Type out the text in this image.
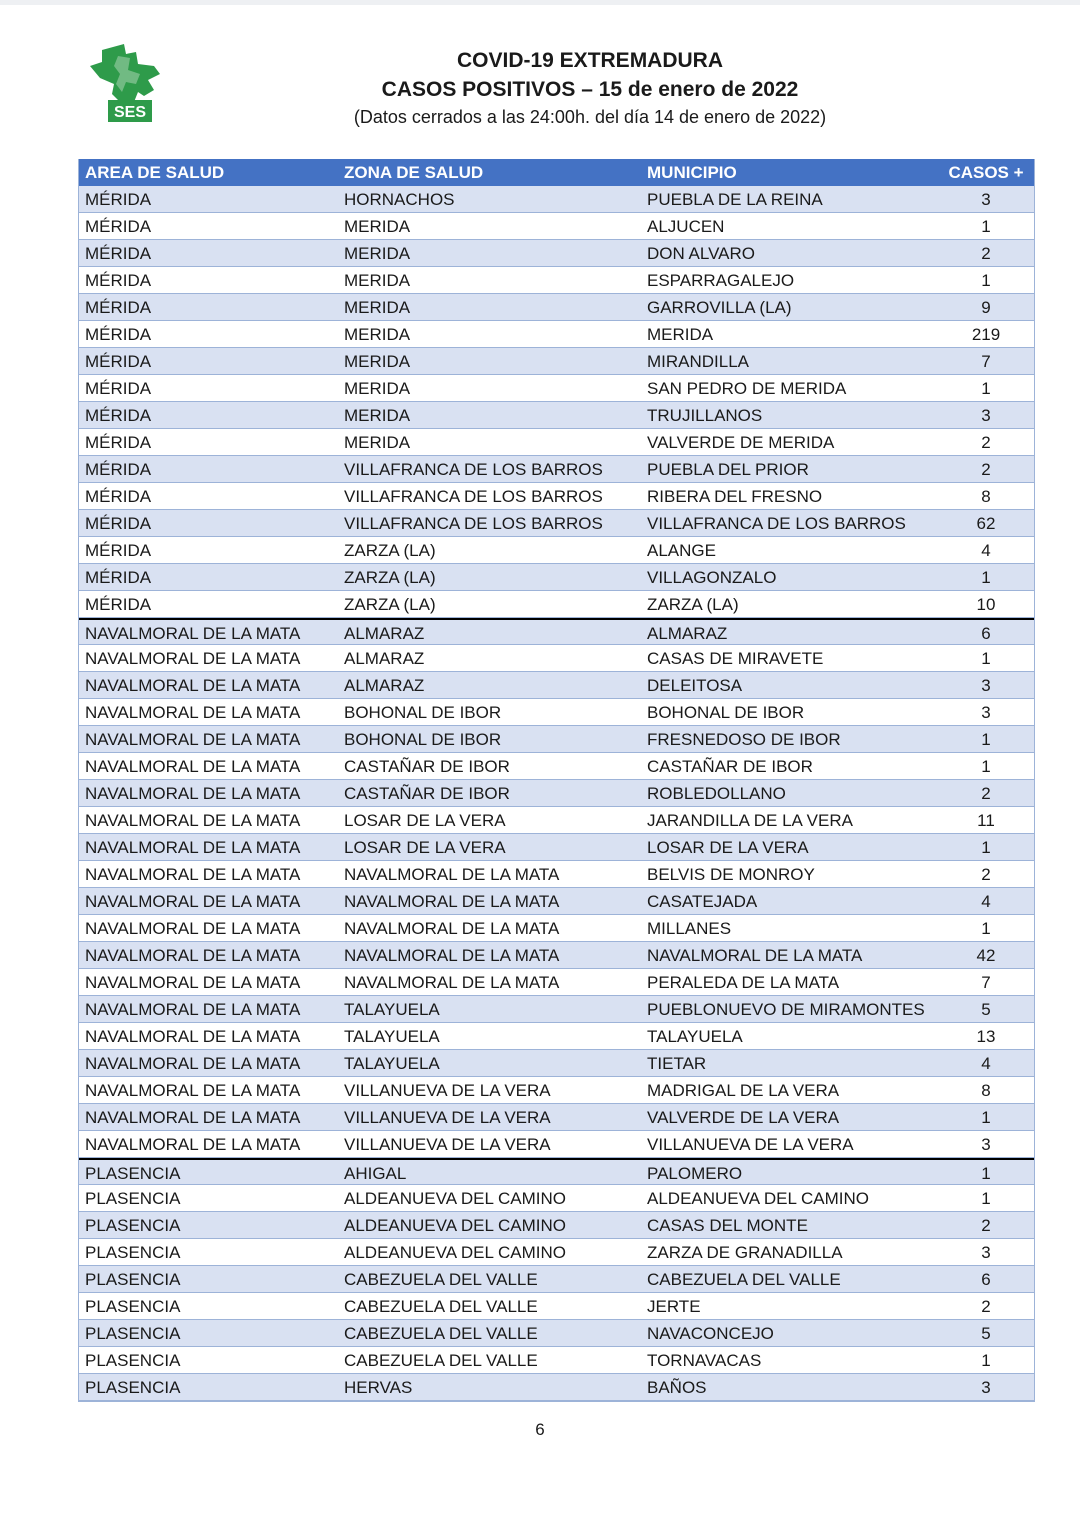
SES
COVID-19 EXTREMADURA
CASOS POSITIVOS – 15 de enero de 2022
(Datos cerrados a las 24:00h. del día 14 de enero de 2022)
AREA DE SALUD	ZONA DE SALUD	MUNICIPIO	CASOS +
MÉRIDA	HORNACHOS	PUEBLA DE LA REINA	3
MÉRIDA	MERIDA	ALJUCEN	1
MÉRIDA	MERIDA	DON ALVARO	2
MÉRIDA	MERIDA	ESPARRAGALEJO	1
MÉRIDA	MERIDA	GARROVILLA (LA)	9
MÉRIDA	MERIDA	MERIDA	219
MÉRIDA	MERIDA	MIRANDILLA	7
MÉRIDA	MERIDA	SAN PEDRO DE MERIDA	1
MÉRIDA	MERIDA	TRUJILLANOS	3
MÉRIDA	MERIDA	VALVERDE DE MERIDA	2
MÉRIDA	VILLAFRANCA DE LOS BARROS	PUEBLA DEL PRIOR	2
MÉRIDA	VILLAFRANCA DE LOS BARROS	RIBERA DEL FRESNO	8
MÉRIDA	VILLAFRANCA DE LOS BARROS	VILLAFRANCA DE LOS BARROS	62
MÉRIDA	ZARZA (LA)	ALANGE	4
MÉRIDA	ZARZA (LA)	VILLAGONZALO	1
MÉRIDA	ZARZA (LA)	ZARZA (LA)	10
NAVALMORAL DE LA MATA	ALMARAZ	ALMARAZ	6
NAVALMORAL DE LA MATA	ALMARAZ	CASAS DE MIRAVETE	1
NAVALMORAL DE LA MATA	ALMARAZ	DELEITOSA	3
NAVALMORAL DE LA MATA	BOHONAL DE IBOR	BOHONAL DE IBOR	3
NAVALMORAL DE LA MATA	BOHONAL DE IBOR	FRESNEDOSO DE IBOR	1
NAVALMORAL DE LA MATA	CASTAÑAR DE IBOR	CASTAÑAR DE IBOR	1
NAVALMORAL DE LA MATA	CASTAÑAR DE IBOR	ROBLEDOLLANO	2
NAVALMORAL DE LA MATA	LOSAR DE LA VERA	JARANDILLA DE LA VERA	11
NAVALMORAL DE LA MATA	LOSAR DE LA VERA	LOSAR DE LA VERA	1
NAVALMORAL DE LA MATA	NAVALMORAL DE LA MATA	BELVIS DE MONROY	2
NAVALMORAL DE LA MATA	NAVALMORAL DE LA MATA	CASATEJADA	4
NAVALMORAL DE LA MATA	NAVALMORAL DE LA MATA	MILLANES	1
NAVALMORAL DE LA MATA	NAVALMORAL DE LA MATA	NAVALMORAL DE LA MATA	42
NAVALMORAL DE LA MATA	NAVALMORAL DE LA MATA	PERALEDA DE LA MATA	7
NAVALMORAL DE LA MATA	TALAYUELA	PUEBLONUEVO DE MIRAMONTES	5
NAVALMORAL DE LA MATA	TALAYUELA	TALAYUELA	13
NAVALMORAL DE LA MATA	TALAYUELA	TIETAR	4
NAVALMORAL DE LA MATA	VILLANUEVA DE LA VERA	MADRIGAL DE LA VERA	8
NAVALMORAL DE LA MATA	VILLANUEVA DE LA VERA	VALVERDE DE LA VERA	1
NAVALMORAL DE LA MATA	VILLANUEVA DE LA VERA	VILLANUEVA DE LA VERA	3
PLASENCIA	AHIGAL	PALOMERO	1
PLASENCIA	ALDEANUEVA DEL CAMINO	ALDEANUEVA DEL CAMINO	1
PLASENCIA	ALDEANUEVA DEL CAMINO	CASAS DEL MONTE	2
PLASENCIA	ALDEANUEVA DEL CAMINO	ZARZA DE GRANADILLA	3
PLASENCIA	CABEZUELA DEL VALLE	CABEZUELA DEL VALLE	6
PLASENCIA	CABEZUELA DEL VALLE	JERTE	2
PLASENCIA	CABEZUELA DEL VALLE	NAVACONCEJO	5
PLASENCIA	CABEZUELA DEL VALLE	TORNAVACAS	1
PLASENCIA	HERVAS	BAÑOS	3
6
